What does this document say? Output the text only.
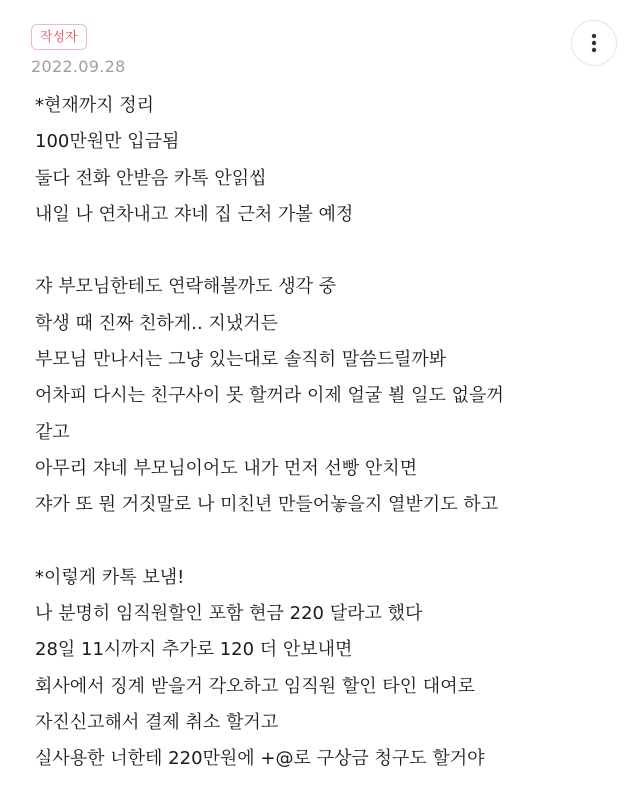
작성자
2022.09.28
*현재까지 정리
100만원만 입금됨
둘다 전화 안받음 카톡 안읽씹
내일 나 연차내고 쟈네 집 근처 가볼 예정
쟈 부모님한테도 연락해볼까도 생각 중
학생 때 진짜 친하게.. 지냈거든
부모님 만나서는 그냥 있는대로 솔직히 말씀드릴까봐
어차피 다시는 친구사이 못 할꺼라 이제 얼굴 뵐 일도 없을꺼
같고
아무리 쟈네 부모님이어도 내가 먼저 선빵 안치면
쟈가 또 뭔 거짓말로 나 미친년 만들어놓을지 열받기도 하고
*이렇게 카톡 보냄!
나 분명히 임직원할인 포함 현금 220 달라고 했다
28일 11시까지 추가로 120 더 안보내면
회사에서 징계 받을거 각오하고 임직원 할인 타인 대여로
자진신고해서 결제 취소 할거고
실사용한 너한테 220만원에 +@로 구상금 청구도 할거야
